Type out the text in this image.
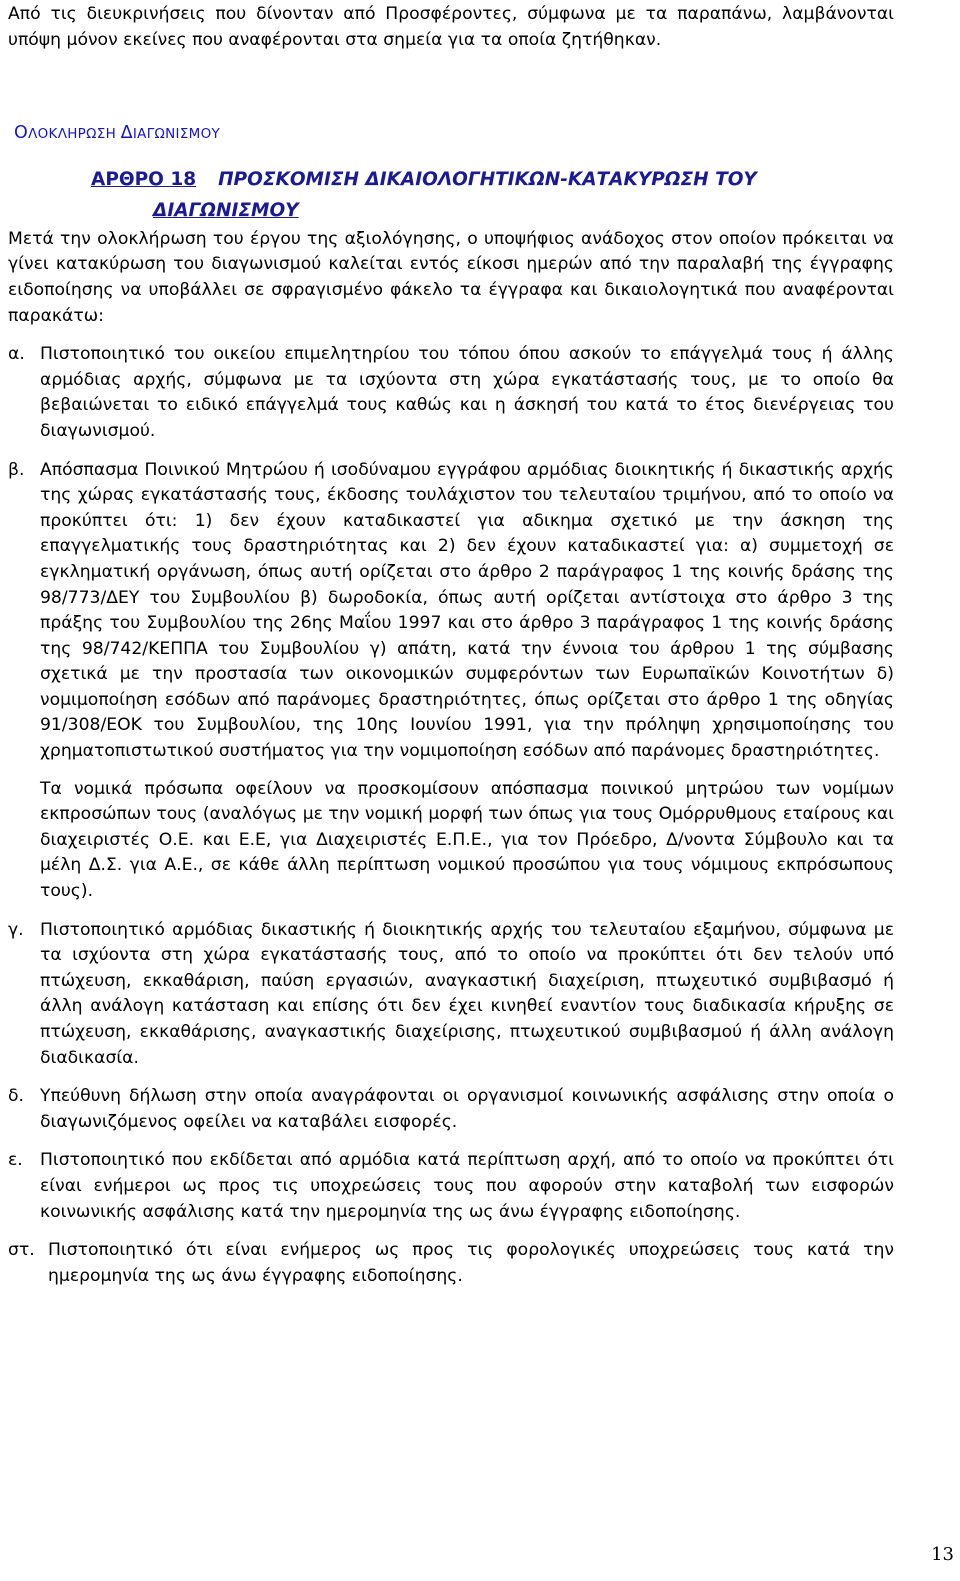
Από τις διευκρινήσεις που δίνονταν από Προσφέροντες, σύμφωνα με τα παραπάνω, λαμβάνονται υπόψη μόνον εκείνες που αναφέρονται στα σημεία για τα οποία ζητήθηκαν.

ΟΛΟΚΛΗΡΩΣΗ ΔΙΑΓΩΝΙΣΜΟΥ

ΑΡΘΡΟ 18 ΠΡΟΣΚΟΜΙΣΗ ΔΙΚΑΙΟΛΟΓΗΤΙΚΩΝ-ΚΑΤΑΚΥΡΩΣΗ ΤΟΥ
ΔΙΑΓΩΝΙΣΜΟΥ

Μετά την ολοκλήρωση του έργου της αξιολόγησης, ο υποψήφιος ανάδοχος στον οποίον πρόκειται να γίνει κατακύρωση του διαγωνισμού καλείται εντός είκοσι ημερών από την παραλαβή της έγγραφης ειδοποίησης να υποβάλλει σε σφραγισμένο φάκελο τα έγγραφα και δικαιολογητικά που αναφέρονται παρακάτω:

α. Πιστοποιητικό του οικείου επιμελητηρίου του τόπου όπου ασκούν το επάγγελμά τους ή άλλης αρμόδιας αρχής, σύμφωνα με τα ισχύοντα στη χώρα εγκατάστασής τους, με το οποίο θα βεβαιώνεται το ειδικό επάγγελμά τους καθώς και η άσκησή του κατά το έτος διενέργειας του διαγωνισμού.

β. Απόσπασμα Ποινικού Μητρώου ή ισοδύναμου εγγράφου αρμόδιας διοικητικής ή δικαστικής αρχής της χώρας εγκατάστασής τους, έκδοσης τουλάχιστον του τελευταίου τριμήνου, από το οποίο να προκύπτει ότι: 1) δεν έχουν καταδικαστεί για αδικημα σχετικό με την άσκηση της επαγγελματικής τους δραστηριότητας και 2) δεν έχουν καταδικαστεί για: α) συμμετοχή σε εγκληματική οργάνωση, όπως αυτή ορίζεται στο άρθρο 2 παράγραφος 1 της κοινής δράσης της 98/773/ΔΕΥ του Συμβουλίου β) δωροδοκία, όπως αυτή ορίζεται αντίστοιχα στο άρθρο 3 της πράξης του Συμβουλίου της 26ης Μαΐου 1997 και στο άρθρο 3 παράγραφος 1 της κοινής δράσης της 98/742/ΚΕΠΠΑ του Συμβουλίου γ) απάτη, κατά την έννοια του άρθρου 1 της σύμβασης σχετικά με την προστασία των οικονομικών συμφερόντων των Ευρωπαϊκών Κοινοτήτων δ) νομιμοποίηση εσόδων από παράνομες δραστηριότητες, όπως ορίζεται στο άρθρο 1 της οδηγίας 91/308/ΕΟΚ του Συμβουλίου, της 10ης Ιουνίου 1991, για την πρόληψη χρησιμοποίησης του χρηματοπιστωτικού συστήματος για την νομιμοποίηση εσόδων από παράνομες δραστηριότητες.

Τα νομικά πρόσωπα οφείλουν να προσκομίσουν απόσπασμα ποινικού μητρώου των νομίμων εκπροσώπων τους (αναλόγως με την νομική μορφή των όπως για τους Ομόρρυθμους εταίρους και διαχειριστές Ο.Ε. και Ε.Ε, για Διαχειριστές Ε.Π.Ε., για τον Πρόεδρο, Δ/νοντα Σύμβουλο και τα μέλη Δ.Σ. για Α.Ε., σε κάθε άλλη περίπτωση νομικού προσώπου για τους νόμιμους εκπρόσωπους τους).

γ. Πιστοποιητικό αρμόδιας δικαστικής ή διοικητικής αρχής του τελευταίου εξαμήνου, σύμφωνα με τα ισχύοντα στη χώρα εγκατάστασής τους, από το οποίο να προκύπτει ότι δεν τελούν υπό πτώχευση, εκκαθάριση, παύση εργασιών, αναγκαστική διαχείριση, πτωχευτικό συμβιβασμό ή άλλη ανάλογη κατάσταση και επίσης ότι δεν έχει κινηθεί εναντίον τους διαδικασία κήρυξης σε πτώχευση, εκκαθάρισης, αναγκαστικής διαχείρισης, πτωχευτικού συμβιβασμού ή άλλη ανάλογη διαδικασία.

δ. Υπεύθυνη δήλωση στην οποία αναγράφονται οι οργανισμοί κοινωνικής ασφάλισης στην οποία ο διαγωνιζόμενος οφείλει να καταβάλει εισφορές.

ε. Πιστοποιητικό που εκδίδεται από αρμόδια κατά περίπτωση αρχή, από το οποίο να προκύπτει ότι είναι ενήμεροι ως προς τις υποχρεώσεις τους που αφορούν στην καταβολή των εισφορών κοινωνικής ασφάλισης κατά την ημερομηνία της ως άνω έγγραφης ειδοποίησης.

στ. Πιστοποιητικό ότι είναι ενήμερος ως προς τις φορολογικές υποχρεώσεις τους κατά την ημερομηνία της ως άνω έγγραφης ειδοποίησης.

13
